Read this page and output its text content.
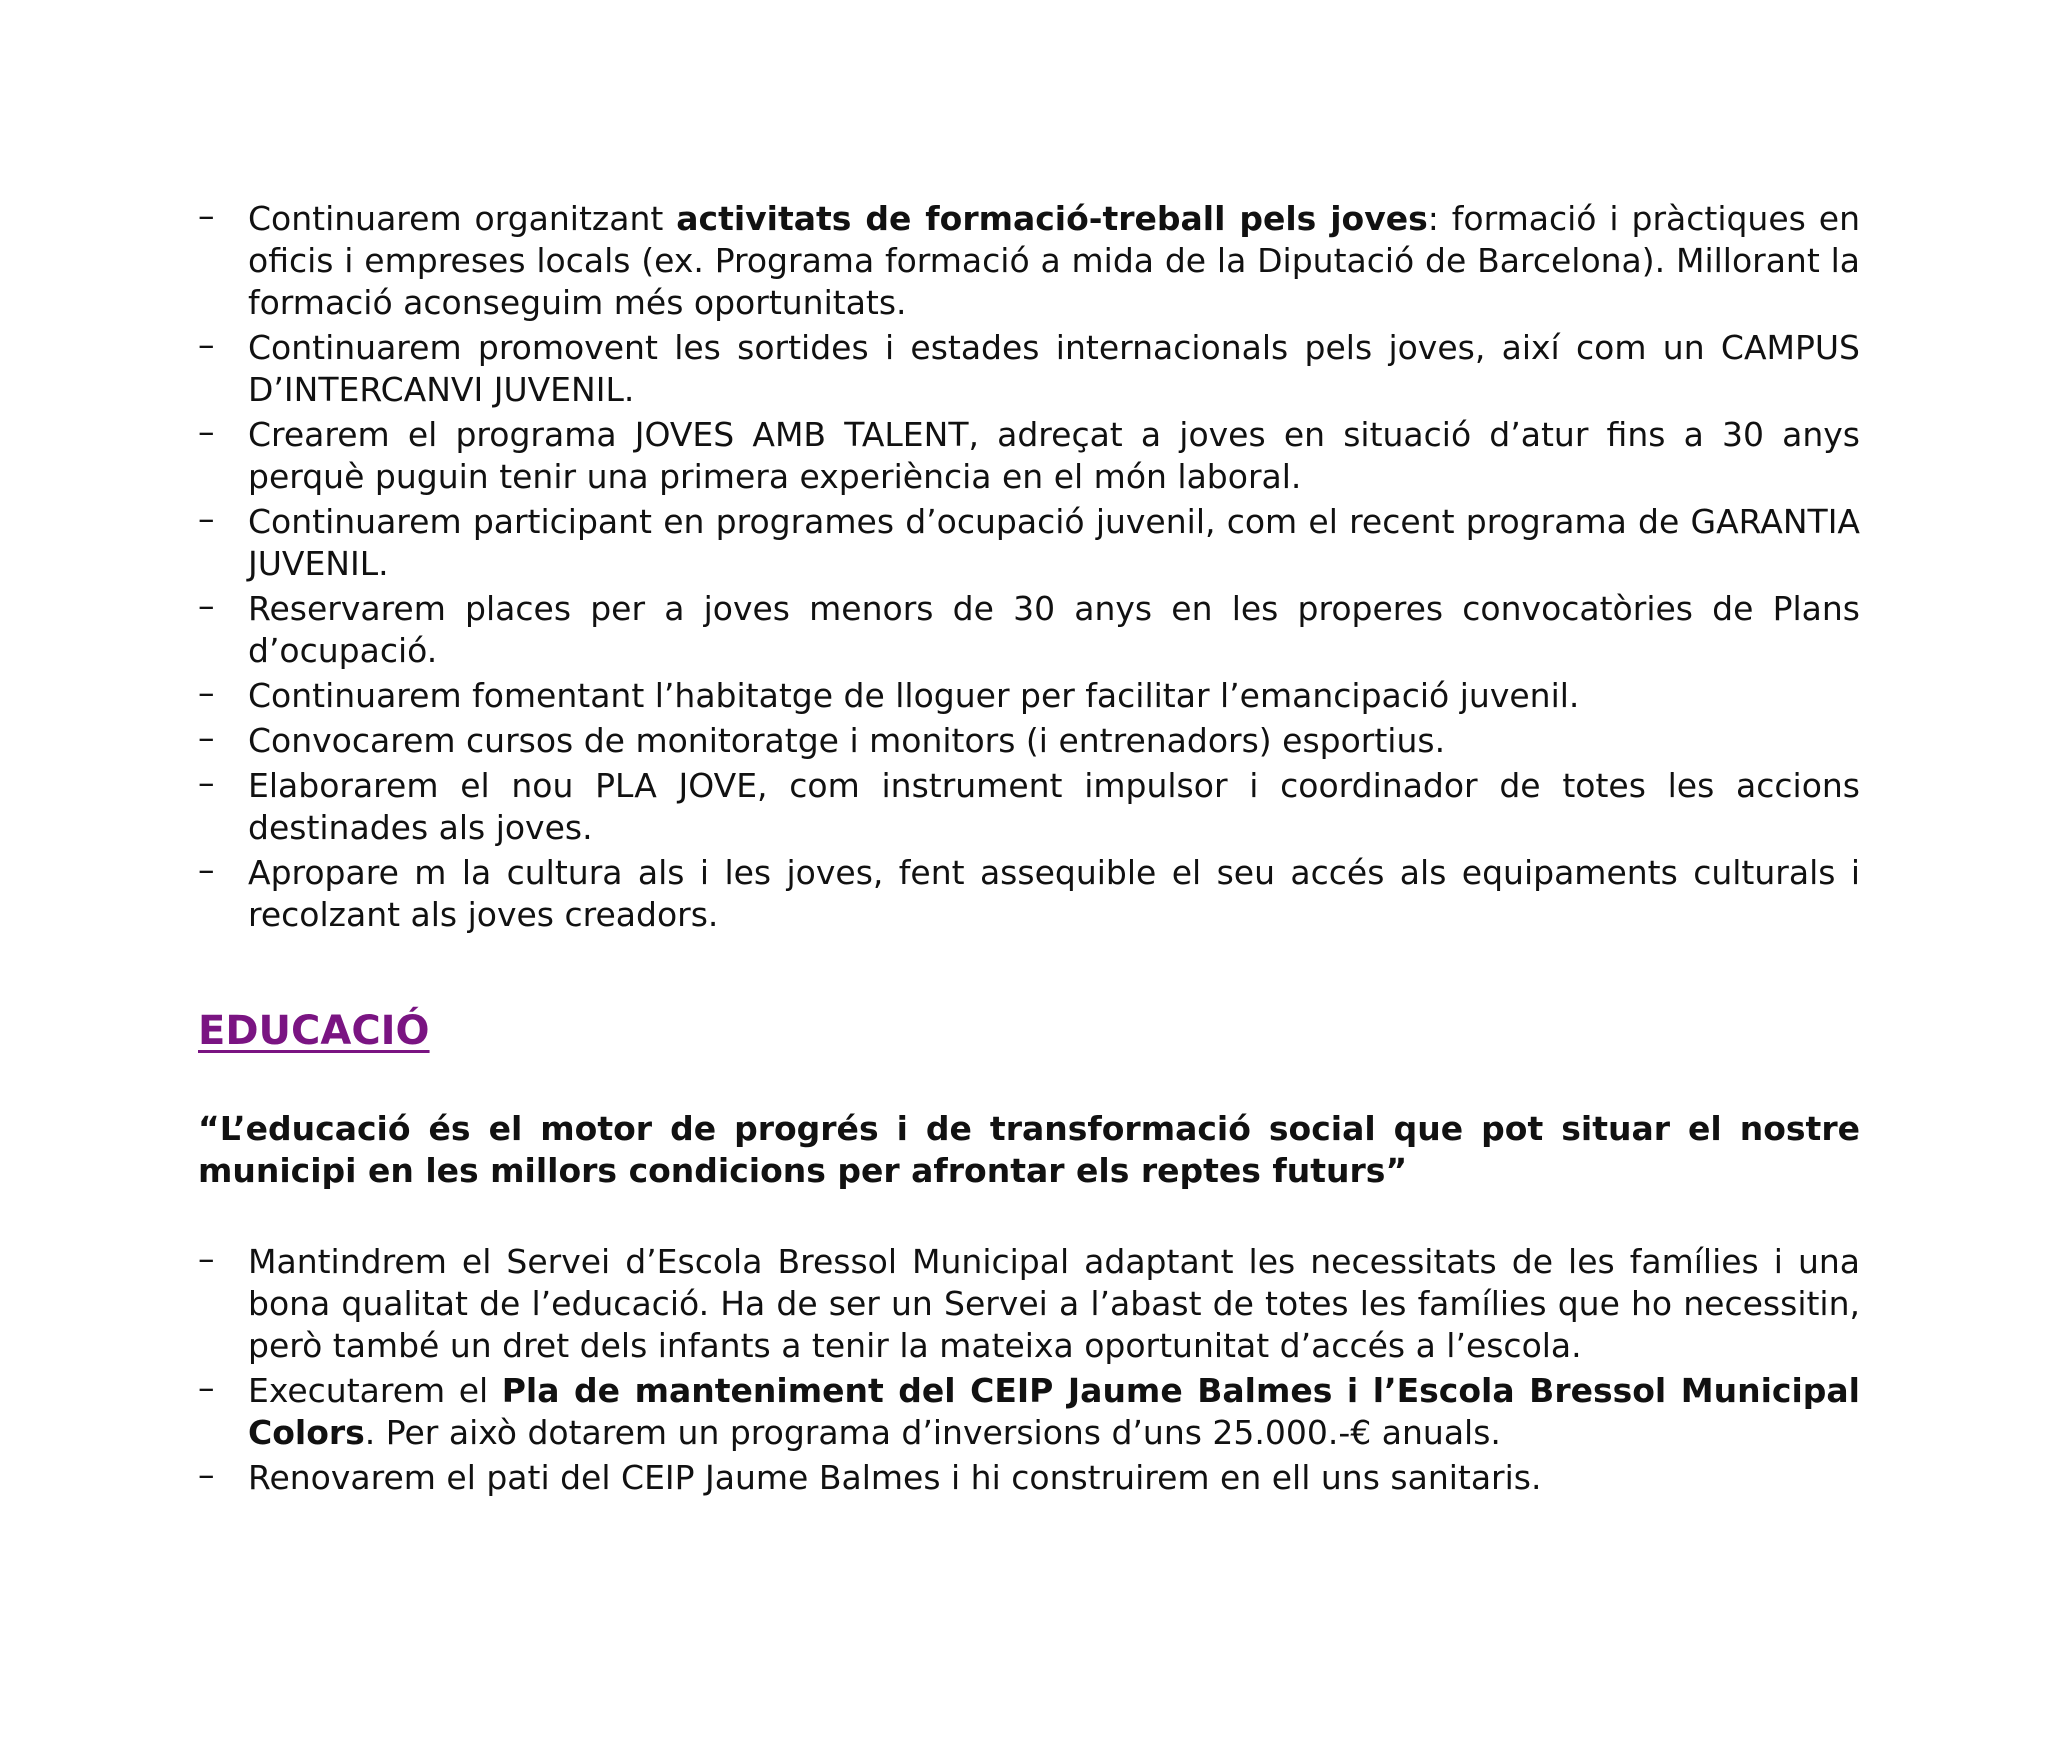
– Continuarem organitzant activitats de formació-treball pels joves: formació i pràctiques en oficis i empreses locals (ex. Programa formació a mida de la Diputació de Barcelona). Millorant la formació aconseguim més oportunitats.
– Continuarem promovent les sortides i estades internacionals pels joves, així com un CAMPUS D’INTERCANVI JUVENIL.
– Crearem el programa JOVES AMB TALENT, adreçat a joves en situació d’atur fins a 30 anys perquè puguin tenir una primera experiència en el món laboral.
– Continuarem participant en programes d’ocupació juvenil, com el recent programa de GARANTIA JUVENIL.
– Reservarem places per a joves menors de 30 anys en les properes convocatòries de Plans d’ocupació.
– Continuarem fomentant l’habitatge de lloguer per facilitar l’emancipació juvenil.
– Convocarem cursos de monitoratge i monitors (i entrenadors) esportius.
– Elaborarem el nou PLA JOVE, com instrument impulsor i coordinador de totes les accions destinades als joves.
– Apropare m la cultura als i les joves, fent assequible el seu accés als equipaments culturals i recolzant als joves creadors.
EDUCACIÓ

“L’educació és el motor de progrés i de transformació social que pot situar el nostre municipi en les millors condicions per afrontar els reptes futurs”

– Mantindrem el Servei d’Escola Bressol Municipal adaptant les necessitats de les famílies i una bona qualitat de l’educació. Ha de ser un Servei a l’abast de totes les famílies que ho necessitin, però també un dret dels infants a tenir la mateixa oportunitat d’accés a l’escola.
– Executarem el Pla de manteniment del CEIP Jaume Balmes i l’Escola Bressol Municipal Colors. Per això dotarem un programa d’inversions d’uns 25.000.-€ anuals.
– Renovarem el pati del CEIP Jaume Balmes i hi construirem en ell uns sanitaris.
